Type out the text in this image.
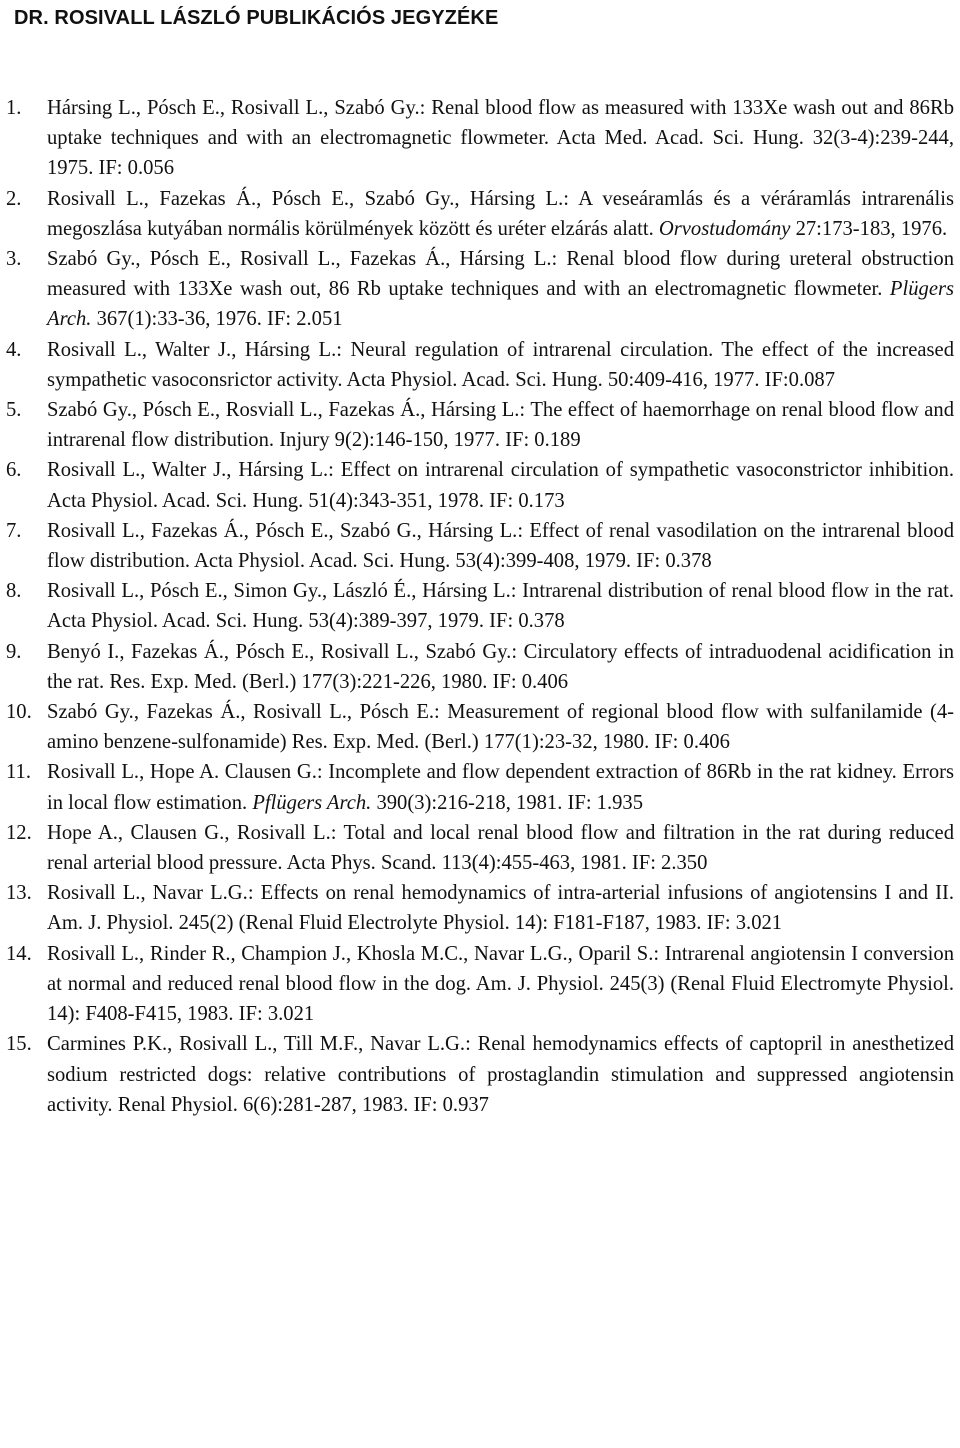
DR. ROSIVALL LÁSZLÓ PUBLIKÁCIÓS JEGYZÉKE
1. Hársing L., Pósch E., Rosivall L., Szabó Gy.: Renal blood flow as measured with 133Xe wash out and 86Rb uptake techniques and with an electromagnetic flowmeter. Acta Med. Acad. Sci. Hung. 32(3-4):239-244, 1975. IF: 0.056
2. Rosivall L., Fazekas Á., Pósch E., Szabó Gy., Hársing L.: A veseáramlás és a véráramlás intrarenális megoszlása kutyában normális körülmények között és uréter elzárás alatt. Orvostudomány 27:173-183, 1976.
3. Szabó Gy., Pósch E., Rosivall L., Fazekas Á., Hársing L.: Renal blood flow during ureteral obstruction measured with 133Xe wash out, 86 Rb uptake techniques and with an electromagnetic flowmeter. Plügers Arch. 367(1):33-36, 1976. IF: 2.051
4. Rosivall L., Walter J., Hársing L.: Neural regulation of intrarenal circulation. The effect of the increased sympathetic vasoconsrictor activity. Acta Physiol. Acad. Sci. Hung. 50:409-416, 1977. IF:0.087
5. Szabó Gy., Pósch E., Rosviall L., Fazekas Á., Hársing L.: The effect of haemorrhage on renal blood flow and intrarenal flow distribution. Injury 9(2):146-150, 1977. IF: 0.189
6. Rosivall L., Walter J., Hársing L.: Effect on intrarenal circulation of sympathetic vasoconstrictor inhibition. Acta Physiol. Acad. Sci. Hung. 51(4):343-351, 1978. IF: 0.173
7. Rosivall L., Fazekas Á., Pósch E., Szabó G., Hársing L.: Effect of renal vasodilation on the intrarenal blood flow distribution. Acta Physiol. Acad. Sci. Hung. 53(4):399-408, 1979. IF: 0.378
8. Rosivall L., Pósch E., Simon Gy., László É., Hársing L.: Intrarenal distribution of renal blood flow in the rat. Acta Physiol. Acad. Sci. Hung. 53(4):389-397, 1979. IF: 0.378
9. Benyó I., Fazekas Á., Pósch E., Rosivall L., Szabó Gy.: Circulatory effects of intraduodenal acidification in the rat. Res. Exp. Med. (Berl.) 177(3):221-226, 1980. IF: 0.406
10. Szabó Gy., Fazekas Á., Rosivall L., Pósch E.: Measurement of regional blood flow with sulfanilamide (4-amino benzene-sulfonamide) Res. Exp. Med. (Berl.) 177(1):23-32, 1980. IF: 0.406
11. Rosivall L., Hope A. Clausen G.: Incomplete and flow dependent extraction of 86Rb in the rat kidney. Errors in local flow estimation. Pflügers Arch. 390(3):216-218, 1981. IF: 1.935
12. Hope A., Clausen G., Rosivall L.: Total and local renal blood flow and filtration in the rat during reduced renal arterial blood pressure. Acta Phys. Scand. 113(4):455-463, 1981. IF: 2.350
13. Rosivall L., Navar L.G.: Effects on renal hemodynamics of intra-arterial infusions of angiotensins I and II. Am. J. Physiol. 245(2) (Renal Fluid Electrolyte Physiol. 14): F181-F187, 1983. IF: 3.021
14. Rosivall L., Rinder R., Champion J., Khosla M.C., Navar L.G., Oparil S.: Intrarenal angiotensin I conversion at normal and reduced renal blood flow in the dog. Am. J. Physiol. 245(3) (Renal Fluid Electromyte Physiol. 14): F408-F415, 1983. IF: 3.021
15. Carmines P.K., Rosivall L., Till M.F., Navar L.G.: Renal hemodynamics effects of captopril in anesthetized sodium restricted dogs: relative contributions of prostaglandin stimulation and suppressed angiotensin activity. Renal Physiol. 6(6):281-287, 1983. IF: 0.937
